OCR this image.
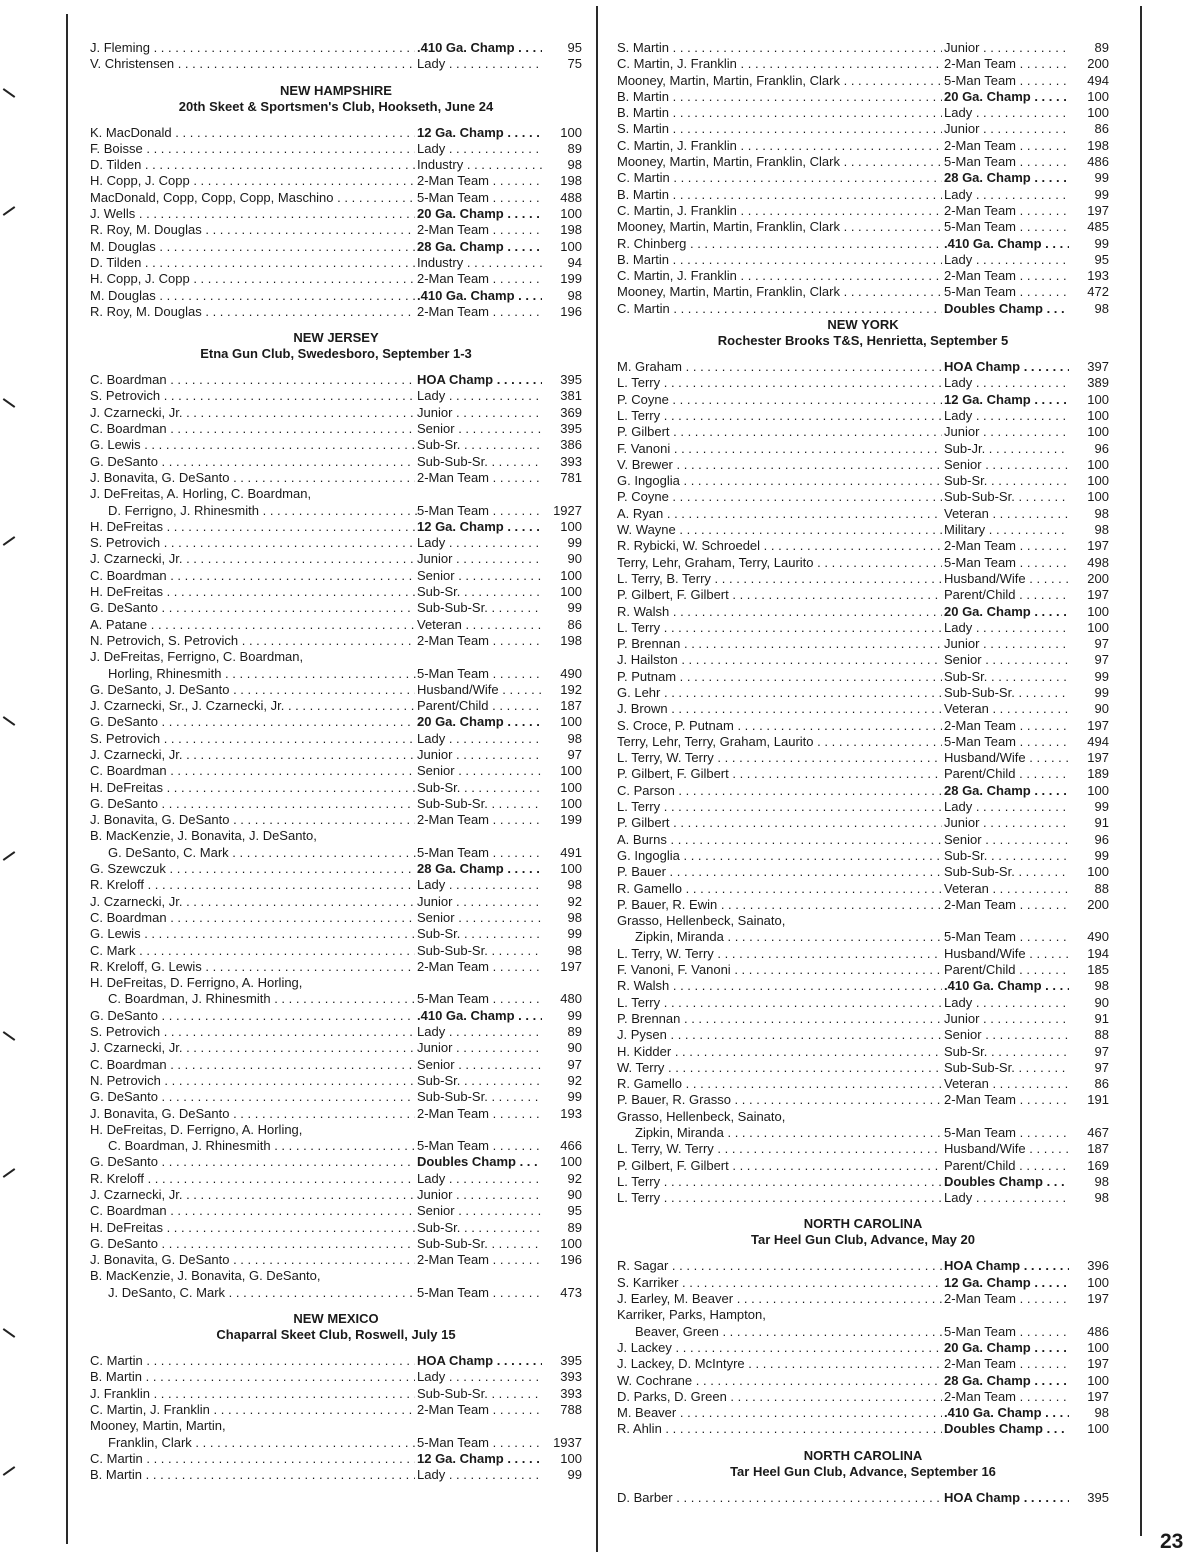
J. Fleming . . .	.410 Ga. Champ . . .	95
V. Christensen . . .	Lady . . .	75
NEW HAMPSHIRE
20th Skeet & Sportsmen's Club, Hookseth, June 24
K. MacDonald . . .	12 Ga. Champ . . .	100
F. Boisse . . .	Lady . . .	89
D. Tilden . . .	Industry . . .	98
H. Copp, J. Copp . . .	2-Man Team . . .	198
MacDonald, Copp, Copp, Copp, Maschino . . .	5-Man Team . . .	488
J. Wells . . .	20 Ga. Champ . . .	100
R. Roy, M. Douglas . . .	2-Man Team . . .	198
M. Douglas . . .	28 Ga. Champ . . .	100
D. Tilden . . .	Industry . . .	94
H. Copp, J. Copp . . .	2-Man Team . . .	199
M. Douglas . . .	.410 Ga. Champ . . .	98
R. Roy, M. Douglas . . .	2-Man Team . . .	196
NEW JERSEY
Etna Gun Club, Swedesboro, September 1-3
C. Boardman . . .	HOA Champ . . .	395
S. Petrovich . . .	Lady . . .	381
J. Czarnecki, Jr. . . .	Junior . . .	369
C. Boardman . . .	Senior . . .	395
G. Lewis . . .	Sub-Sr. . . .	386
G. DeSanto . . .	Sub-Sub-Sr. . . .	393
J. Bonavita, G. DeSanto . . .	2-Man Team . . .	781
J. DeFreitas, A. Horling, C. Boardman,
D. Ferrigno, J. Rhinesmith . . .	5-Man Team . . .	1927
H. DeFreitas . . .	12 Ga. Champ . . .	100
S. Petrovich . . .	Lady . . .	99
J. Czarnecki, Jr. . . .	Junior . . .	90
C. Boardman . . .	Senior . . .	100
H. DeFreitas . . .	Sub-Sr. . . .	100
G. DeSanto . . .	Sub-Sub-Sr. . . .	99
A. Patane . . .	Veteran . . .	86
N. Petrovich, S. Petrovich . . .	2-Man Team . . .	198
J. DeFreitas, Ferrigno, C. Boardman,
Horling, Rhinesmith . . .	5-Man Team . . .	490
G. DeSanto, J. DeSanto . . .	Husband/Wife . . .	192
J. Czarnecki, Sr., J. Czarnecki, Jr. . . .	Parent/Child . . .	187
G. DeSanto . . .	20 Ga. Champ . . .	100
S. Petrovich . . .	Lady . . .	98
J. Czarnecki, Jr. . . .	Junior . . .	97
C. Boardman . . .	Senior . . .	100
H. DeFreitas . . .	Sub-Sr. . . .	100
G. DeSanto . . .	Sub-Sub-Sr. . . .	100
J. Bonavita, G. DeSanto . . .	2-Man Team . . .	199
B. MacKenzie, J. Bonavita, J. DeSanto,
G. DeSanto, C. Mark . . .	5-Man Team . . .	491
G. Szewczuk . . .	28 Ga. Champ . . .	100
R. Kreloff . . .	Lady . . .	98
J. Czarnecki, Jr. . . .	Junior . . .	92
C. Boardman . . .	Senior . . .	98
G. Lewis . . .	Sub-Sr. . . .	99
C. Mark . . .	Sub-Sub-Sr. . . .	98
R. Kreloff, G. Lewis . . .	2-Man Team . . .	197
H. DeFreitas, D. Ferrigno, A. Horling,
C. Boardman, J. Rhinesmith . . .	5-Man Team . . .	480
G. DeSanto . . .	.410 Ga. Champ . . .	99
S. Petrovich . . .	Lady . . .	89
J. Czarnecki, Jr. . . .	Junior . . .	90
C. Boardman . . .	Senior . . .	97
N. Petrovich . . .	Sub-Sr. . . .	92
G. DeSanto . . .	Sub-Sub-Sr. . . .	99
J. Bonavita, G. DeSanto . . .	2-Man Team . . .	193
H. DeFreitas, D. Ferrigno, A. Horling,
C. Boardman, J. Rhinesmith . . .	5-Man Team . . .	466
G. DeSanto . . .	Doubles Champ . . .	100
R. Kreloff . . .	Lady . . .	92
J. Czarnecki, Jr. . . .	Junior . . .	90
C. Boardman . . .	Senior . . .	95
H. DeFreitas . . .	Sub-Sr. . . .	89
G. DeSanto . . .	Sub-Sub-Sr. . . .	100
J. Bonavita, G. DeSanto . . .	2-Man Team . . .	196
B. MacKenzie, J. Bonavita, G. DeSanto,
J. DeSanto, C. Mark . . .	5-Man Team . . .	473
NEW MEXICO
Chaparral Skeet Club, Roswell, July 15
C. Martin . . .	HOA Champ . . .	395
B. Martin . . .	Lady . . .	393
J. Franklin . . .	Sub-Sub-Sr. . . .	393
C. Martin, J. Franklin . . .	2-Man Team . . .	788
Mooney, Martin, Martin,
Franklin, Clark . . .	5-Man Team . . .	1937
C. Martin . . .	12 Ga. Champ . . .	100
B. Martin . . .	Lady . . .	99
S. Martin . . .	Junior . . .	89
C. Martin, J. Franklin . . .	2-Man Team . . .	200
Mooney, Martin, Martin, Franklin, Clark . . .	5-Man Team . . .	494
B. Martin . . .	20 Ga. Champ . . .	100
B. Martin . . .	Lady . . .	100
S. Martin . . .	Junior . . .	86
C. Martin, J. Franklin . . .	2-Man Team . . .	198
Mooney, Martin, Martin, Franklin, Clark . . .	5-Man Team . . .	486
C. Martin . . .	28 Ga. Champ . . .	99
B. Martin . . .	Lady . . .	99
C. Martin, J. Franklin . . .	2-Man Team . . .	197
Mooney, Martin, Martin, Franklin, Clark . . .	5-Man Team . . .	485
R. Chinberg . . .	.410 Ga. Champ . . .	99
B. Martin . . .	Lady . . .	95
C. Martin, J. Franklin . . .	2-Man Team . . .	193
Mooney, Martin, Martin, Franklin, Clark . . .	5-Man Team . . .	472
C. Martin . . .	Doubles Champ . . .	98
NEW YORK
Rochester Brooks T&S, Henrietta, September 5
M. Graham . . .	HOA Champ . . .	397
L. Terry . . .	Lady . . .	389
P. Coyne . . .	12 Ga. Champ . . .	100
L. Terry . . .	Lady . . .	100
P. Gilbert . . .	Junior . . .	100
F. Vanoni . . .	Sub-Jr. . . .	96
V. Brewer . . .	Senior . . .	100
G. Ingoglia . . .	Sub-Sr. . . .	100
P. Coyne . . .	Sub-Sub-Sr. . . .	100
A. Ryan . . .	Veteran . . .	98
W. Wayne . . .	Military . . .	98
R. Rybicki, W. Schroedel . . .	2-Man Team . . .	197
Terry, Lehr, Graham, Terry, Laurito . . .	5-Man Team . . .	498
L. Terry, B. Terry . . .	Husband/Wife . . .	200
P. Gilbert, F. Gilbert . . .	Parent/Child . . .	197
R. Walsh . . .	20 Ga. Champ . . .	100
L. Terry . . .	Lady . . .	100
P. Brennan . . .	Junior . . .	97
J. Hailston . . .	Senior . . .	97
P. Putnam . . .	Sub-Sr. . . .	99
G. Lehr . . .	Sub-Sub-Sr. . . .	99
J. Brown . . .	Veteran . . .	90
S. Croce, P. Putnam . . .	2-Man Team . . .	197
Terry, Lehr, Terry, Graham, Laurito . . .	5-Man Team . . .	494
L. Terry, W. Terry . . .	Husband/Wife . . .	197
P. Gilbert, F. Gilbert . . .	Parent/Child . . .	189
C. Parson . . .	28 Ga. Champ . . .	100
L. Terry . . .	Lady . . .	99
P. Gilbert . . .	Junior . . .	91
A. Burns . . .	Senior . . .	96
G. Ingoglia . . .	Sub-Sr. . . .	99
P. Bauer . . .	Sub-Sub-Sr. . . .	100
R. Gamello . . .	Veteran . . .	88
P. Bauer, R. Ewin . . .	2-Man Team . . .	200
Grasso, Hellenbeck, Sainato,
Zipkin, Miranda . . .	5-Man Team . . .	490
L. Terry, W. Terry . . .	Husband/Wife . . .	194
F. Vanoni, F. Vanoni . . .	Parent/Child . . .	185
R. Walsh . . .	.410 Ga. Champ . . .	98
L. Terry . . .	Lady . . .	90
P. Brennan . . .	Junior . . .	91
J. Pysen . . .	Senior . . .	88
H. Kidder . . .	Sub-Sr. . . .	97
W. Terry . . .	Sub-Sub-Sr. . . .	97
R. Gamello . . .	Veteran . . .	86
P. Bauer, R. Grasso . . .	2-Man Team . . .	191
Grasso, Hellenbeck, Sainato,
Zipkin, Miranda . . .	5-Man Team . . .	467
L. Terry, W. Terry . . .	Husband/Wife . . .	187
P. Gilbert, F. Gilbert . . .	Parent/Child . . .	169
L. Terry . . .	Doubles Champ . . .	98
L. Terry . . .	Lady . . .	98
NORTH CAROLINA
Tar Heel Gun Club, Advance, May 20
R. Sagar . . .	HOA Champ . . .	396
S. Karriker . . .	12 Ga. Champ . . .	100
J. Earley, M. Beaver . . .	2-Man Team . . .	197
Karriker, Parks, Hampton,
Beaver, Green . . .	5-Man Team . . .	486
J. Lackey . . .	20 Ga. Champ . . .	100
J. Lackey, D. McIntyre . . .	2-Man Team . . .	197
W. Cochrane . . .	28 Ga. Champ . . .	100
D. Parks, D. Green . . .	2-Man Team . . .	197
M. Beaver . . .	.410 Ga. Champ . . .	98
R. Ahlin . . .	Doubles Champ . . .	100
NORTH CAROLINA
Tar Heel Gun Club, Advance, September 16
D. Barber . . .	HOA Champ . . .	395
23
